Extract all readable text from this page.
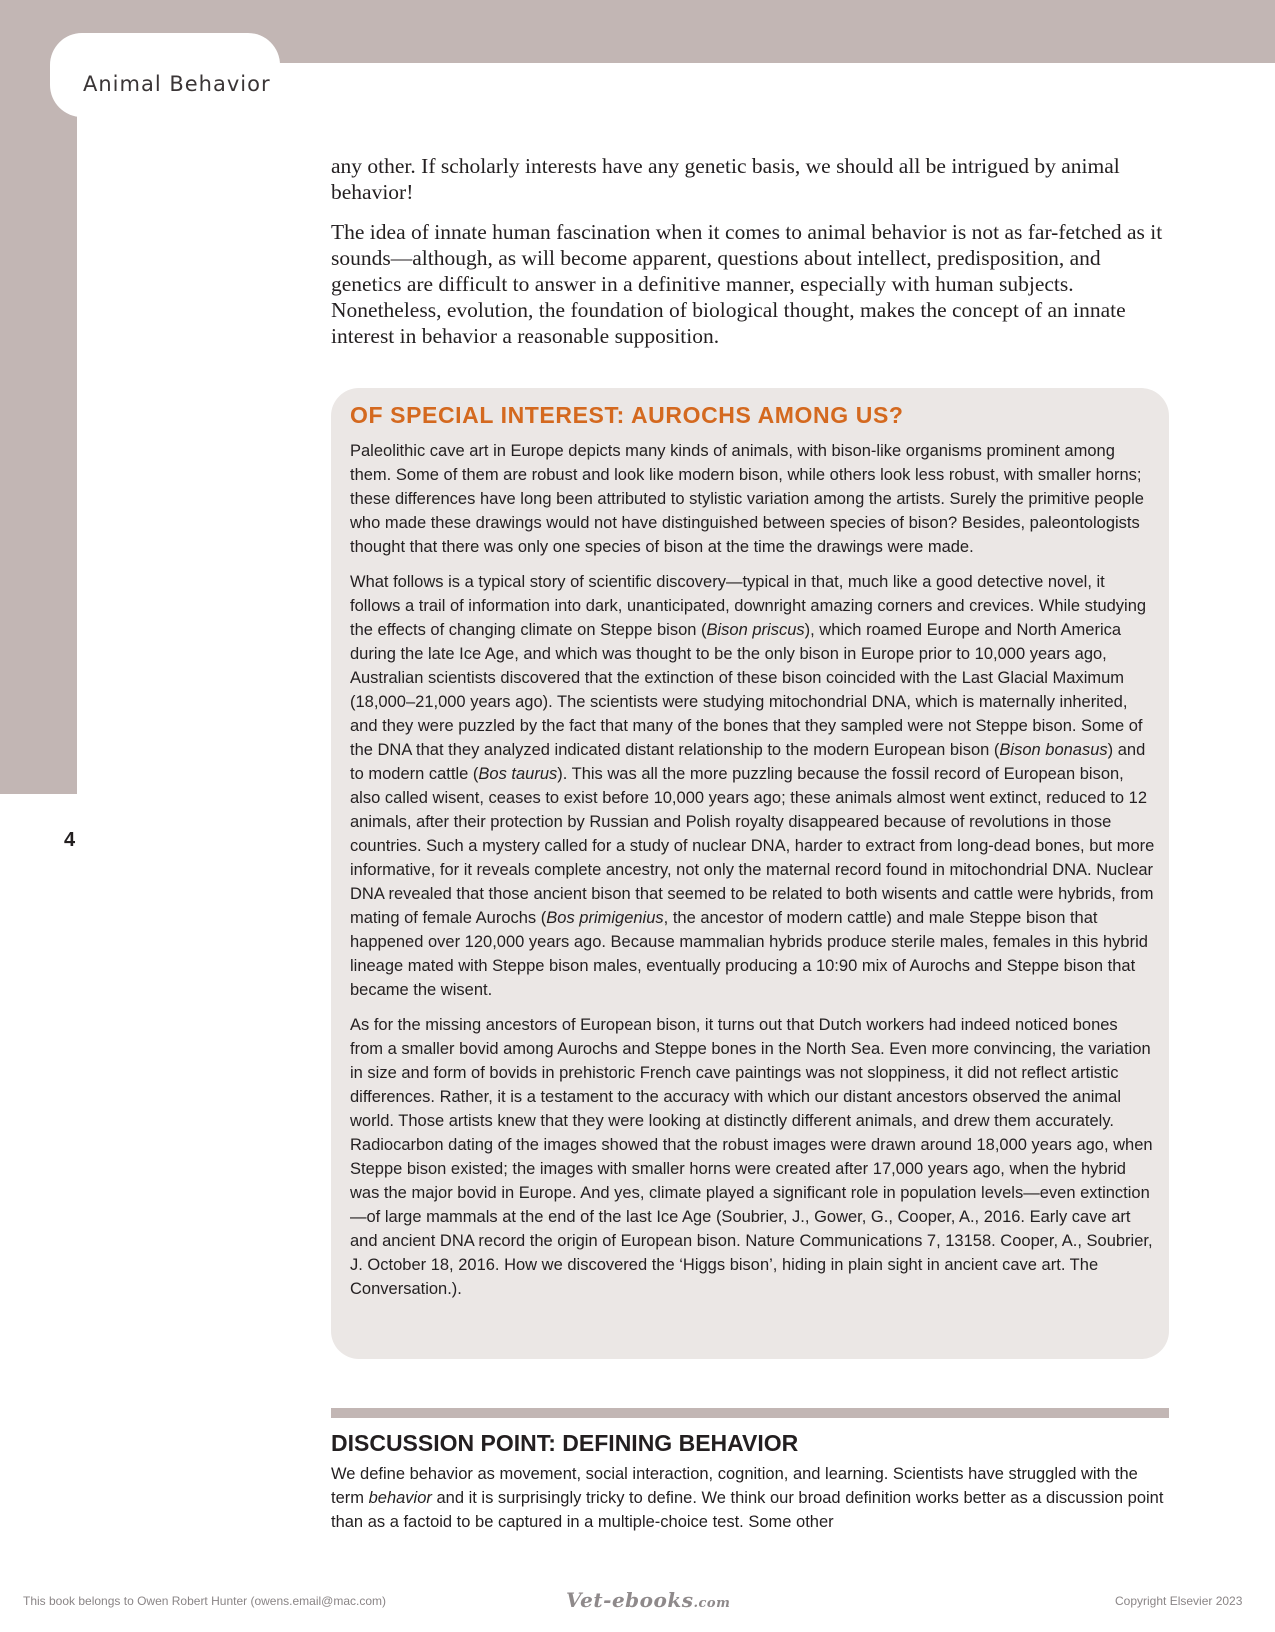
Animal Behavior
4

any other. If scholarly interests have any genetic basis, we should all be intrigued by animal behavior!

The idea of innate human fascination when it comes to animal behavior is not as far-fetched as it sounds—although, as will become apparent, questions about intellect, predisposition, and genetics are difficult to answer in a definitive manner, especially with human subjects. Nonetheless, evolution, the foundation of biological thought, makes the concept of an innate interest in behavior a reasonable supposition.

OF SPECIAL INTEREST: AUROCHS AMONG US?

Paleolithic cave art in Europe depicts many kinds of animals, with bison-like organisms prominent among them. Some of them are robust and look like modern bison, while others look less robust, with smaller horns; these differences have long been attributed to stylistic variation among the artists. Surely the primitive people who made these drawings would not have distinguished between species of bison? Besides, paleontologists thought that there was only one species of bison at the time the drawings were made.

What follows is a typical story of scientific discovery—typical in that, much like a good detective novel, it follows a trail of information into dark, unanticipated, downright amazing corners and crevices. While studying the effects of changing climate on Steppe bison (Bison priscus), which roamed Europe and North America during the late Ice Age, and which was thought to be the only bison in Europe prior to 10,000 years ago, Australian scientists discovered that the extinction of these bison coincided with the Last Glacial Maximum (18,000–21,000 years ago). The scientists were studying mitochondrial DNA, which is maternally inherited, and they were puzzled by the fact that many of the bones that they sampled were not Steppe bison. Some of the DNA that they analyzed indicated distant relationship to the modern European bison (Bison bonasus) and to modern cattle (Bos taurus). This was all the more puzzling because the fossil record of European bison, also called wisent, ceases to exist before 10,000 years ago; these animals almost went extinct, reduced to 12 animals, after their protection by Russian and Polish royalty disappeared because of revolutions in those countries. Such a mystery called for a study of nuclear DNA, harder to extract from long-dead bones, but more informative, for it reveals complete ancestry, not only the maternal record found in mitochondrial DNA. Nuclear DNA revealed that those ancient bison that seemed to be related to both wisents and cattle were hybrids, from mating of female Aurochs (Bos primigenius, the ancestor of modern cattle) and male Steppe bison that happened over 120,000 years ago. Because mammalian hybrids produce sterile males, females in this hybrid lineage mated with Steppe bison males, eventually producing a 10:90 mix of Aurochs and Steppe bison that became the wisent.

As for the missing ancestors of European bison, it turns out that Dutch workers had indeed noticed bones from a smaller bovid among Aurochs and Steppe bones in the North Sea. Even more convincing, the variation in size and form of bovids in prehistoric French cave paintings was not sloppiness, it did not reflect artistic differences. Rather, it is a testament to the accuracy with which our distant ancestors observed the animal world. Those artists knew that they were looking at distinctly different animals, and drew them accurately. Radiocarbon dating of the images showed that the robust images were drawn around 18,000 years ago, when Steppe bison existed; the images with smaller horns were created after 17,000 years ago, when the hybrid was the major bovid in Europe. And yes, climate played a significant role in population levels—even extinction—of large mammals at the end of the last Ice Age (Soubrier, J., Gower, G., Cooper, A., 2016. Early cave art and ancient DNA record the origin of European bison. Nature Communications 7, 13158. Cooper, A., Soubrier, J. October 18, 2016. How we discovered the ‘Higgs bison’, hiding in plain sight in ancient cave art. The Conversation.).

DISCUSSION POINT: DEFINING BEHAVIOR

We define behavior as movement, social interaction, cognition, and learning. Scientists have struggled with the term behavior and it is surprisingly tricky to define. We think our broad definition works better as a discussion point than as a factoid to be captured in a multiple-choice test. Some other

This book belongs to Owen Robert Hunter (owens.email@mac.com)	Vet-ebooks.com	Copyright Elsevier 2023
